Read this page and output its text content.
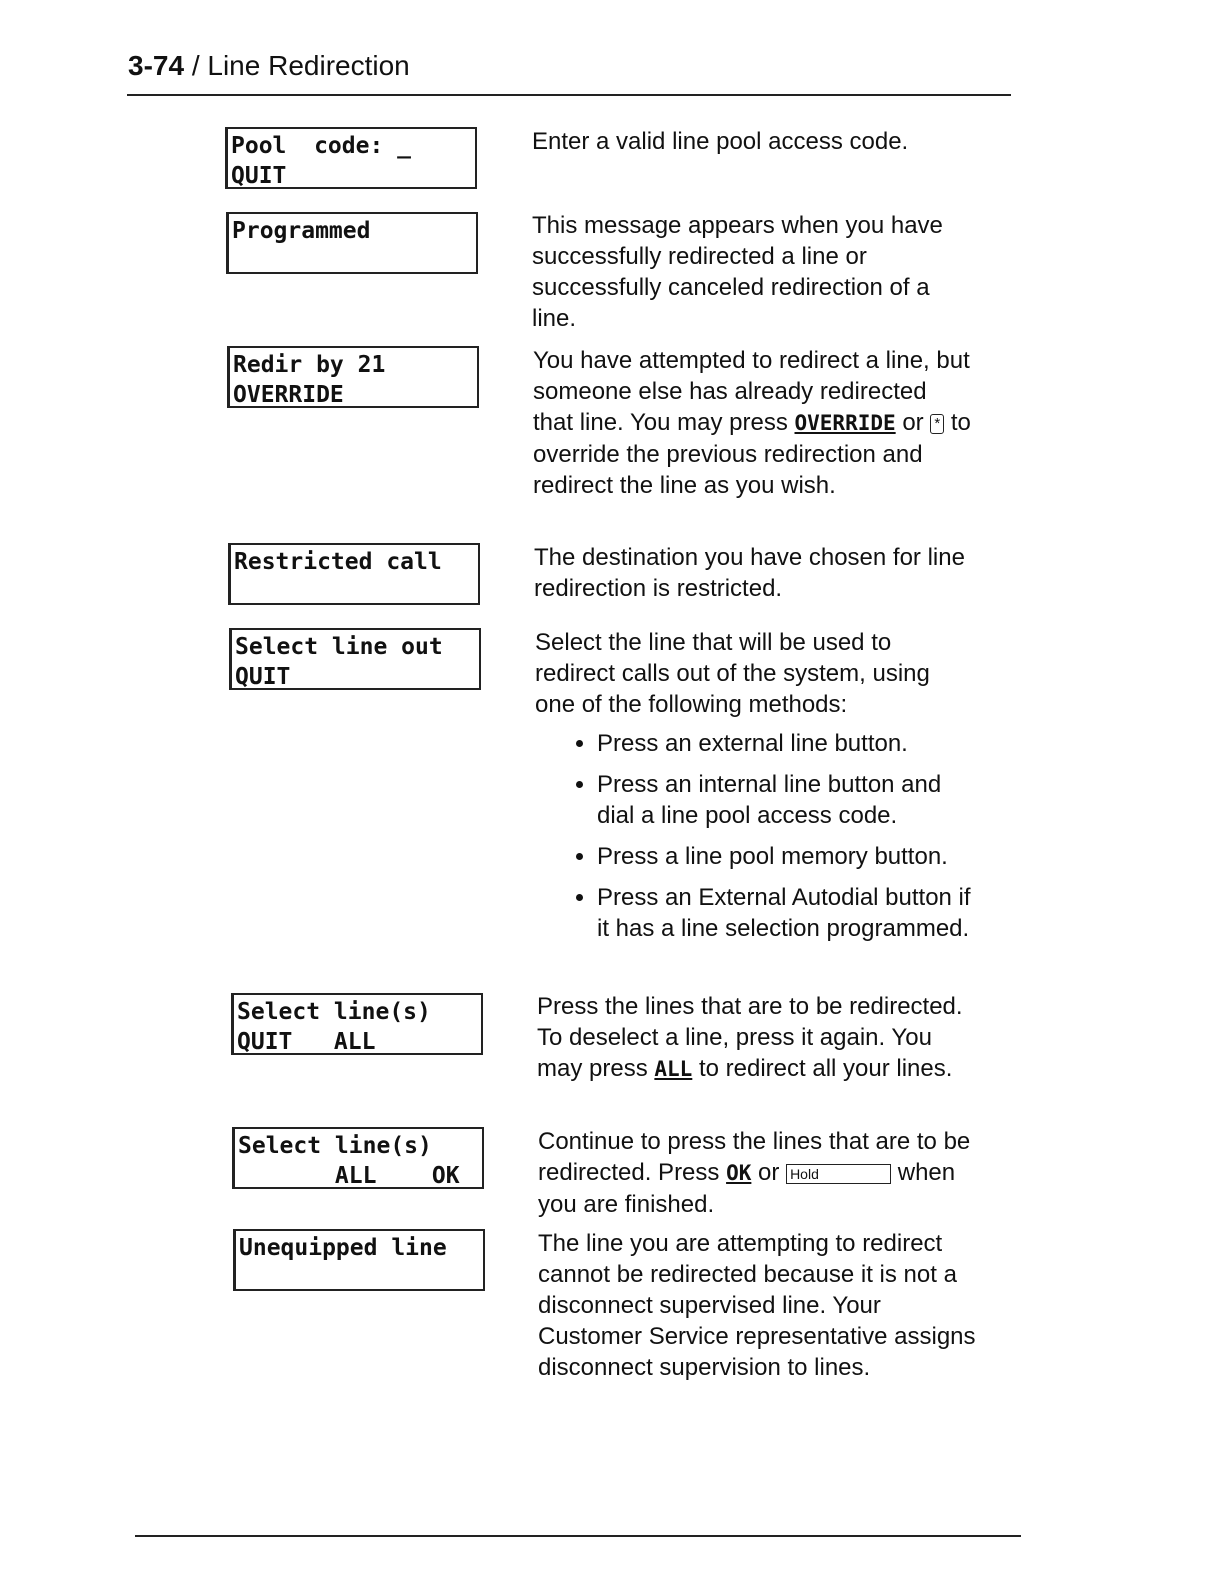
3-74 / Line Redirection
Pool  code: _
QUIT

Enter a valid line pool access code.

Programmed	This message appears when you have successfully redirected a line or successfully canceled redirection of a line.

Redir by 21
OVERRIDE

You have attempted to redirect a line, but someone else has already redirected that line. You may press OVERRIDE or * to override the previous redirection and redirect the line as you wish.

Restricted call	The destination you have chosen for line redirection is restricted.

Select line out
QUIT

Select the line that will be used to redirect calls out of the system, using one of the following methods:

• Press an external line button.
• Press an internal line button and dial a line pool access code.
• Press a line pool memory button.
• Press an External Autodial button if it has a line selection programmed.
Select line(s)
QUIT   ALL

Press the lines that are to be redirected. To deselect a line, press it again. You may press ALL to redirect all your lines.

Select line(s)
ALL    OK

Continue to press the lines that are to be redirected. Press OK or Hold	when you are finished.

Unequipped line	The line you are attempting to redirect cannot be redirected because it is not a disconnect supervised line. Your Customer Service representative assigns disconnect supervision to lines.
